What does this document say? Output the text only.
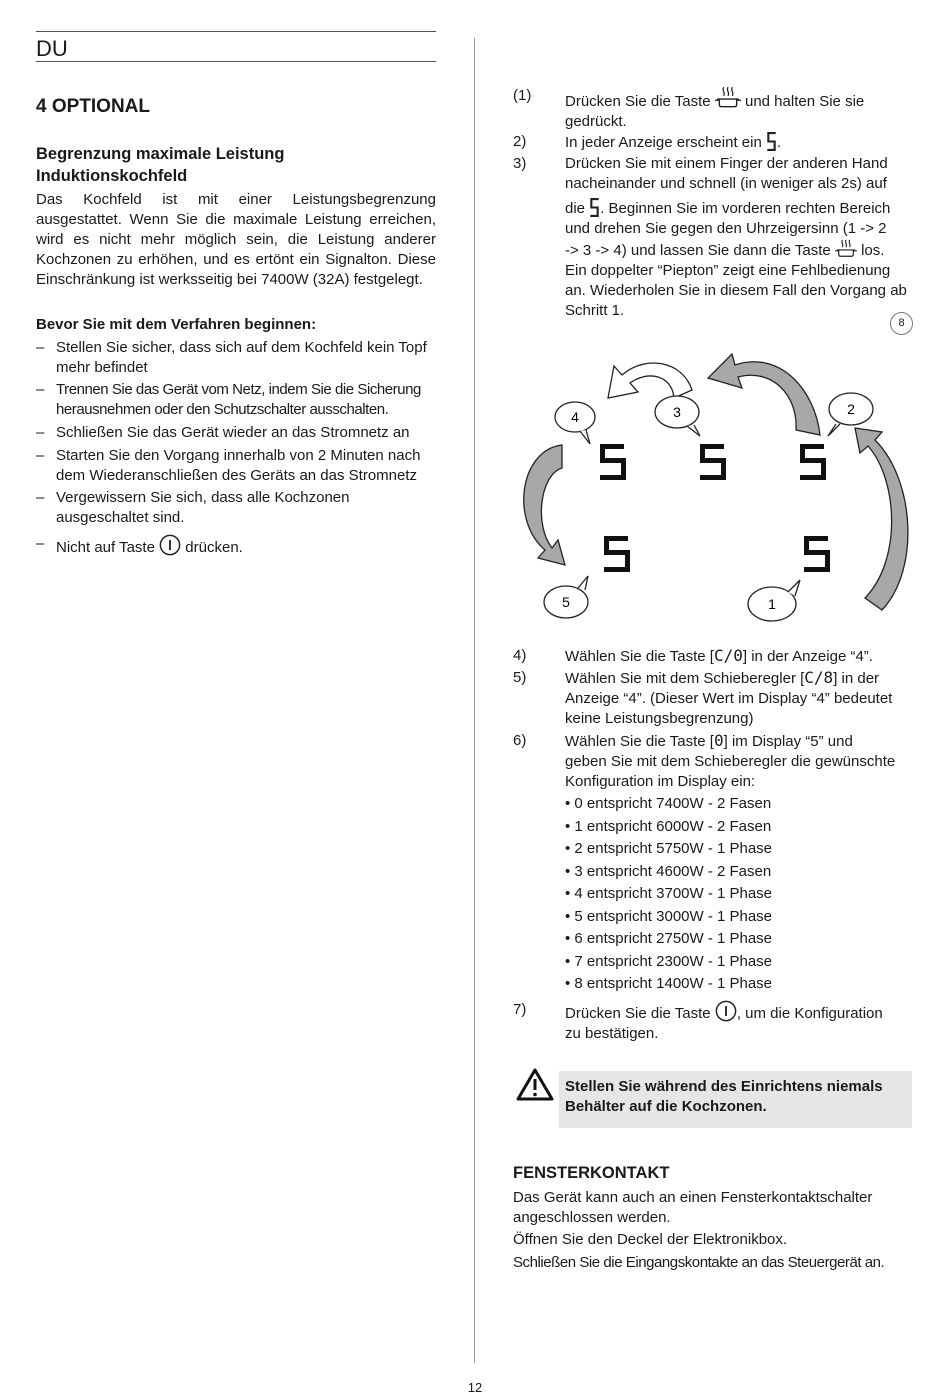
DU
4 OPTIONAL
Begrenzung maximale Leistung Induktionskochfeld
Das Kochfeld ist mit einer Leistungsbegrenzung ausgestattet. Wenn Sie die maximale Leistung erreichen, wird es nicht mehr möglich sein, die Leistung anderer Kochzonen zu erhöhen, und es ertönt ein Signalton. Diese Einschränkung ist werksseitig bei 7400W (32A) festgelegt.
Bevor Sie mit dem Verfahren beginnen:
– Stellen Sie sicher, dass sich auf dem Kochfeld kein Topf mehr befindet
– Trennen Sie das Gerät vom Netz, indem Sie die Sicherung herausnehmen oder den Schutzschalter ausschalten.
– Schließen Sie das Gerät wieder an das Stromnetz an
– Starten Sie den Vorgang innerhalb von 2 Minuten nach dem Wiederanschließen des Geräts an das Stromnetz
– Vergewissern Sie sich, dass alle Kochzonen ausgeschaltet sind.
– Nicht auf Taste drücken.
(1) Drücken Sie die Taste und halten Sie sie gedrückt.
2)	In jeder Anzeige erscheint ein .
3)	Drücken Sie mit einem Finger der anderen Hand
nacheinander und schnell (in weniger als 2s) auf
die . Beginnen Sie im vorderen rechten Bereich
und drehen Sie gegen den Uhrzeigersinn (1 -> 2
-> 3 -> 4) und lassen Sie dann die Taste los.
Ein doppelter “Piepton” zeigt eine Fehlbedienung an. Wiederholen Sie in diesem Fall den Vorgang ab Schritt 1.
8
4	3	2
5	1
4)	Wählen Sie die Taste [C/0] in der Anzeige “4”.
5)	Wählen Sie mit dem Schieberegler [C/8] in der
Anzeige “4”. (Dieser Wert im Display “4” bedeutet keine Leistungsbegrenzung)
6)	Wählen Sie die Taste [0] im Display “5” und
geben Sie mit dem Schieberegler die gewünschte Konfiguration im Display ein:
• 0 entspricht 7400W - 2 Fasen
• 1 entspricht 6000W - 2 Fasen
• 2 entspricht 5750W - 1 Phase
• 3 entspricht 4600W - 2 Fasen
• 4 entspricht 3700W - 1 Phase
• 5 entspricht 3000W - 1 Phase
• 6 entspricht 2750W - 1 Phase
• 7 entspricht 2300W - 1 Phase
• 8 entspricht 1400W - 1 Phase
7)	Drücken Sie die Taste , um die Konfiguration
zu bestätigen.
Stellen Sie während des Einrichtens niemals Behälter auf die Kochzonen.
FENSTERKONTAKT
Das Gerät kann auch an einen Fensterkontaktschalter angeschlossen werden.
Öffnen Sie den Deckel der Elektronikbox.
Schließen Sie die Eingangskontakte an das Steuergerät an.
12
